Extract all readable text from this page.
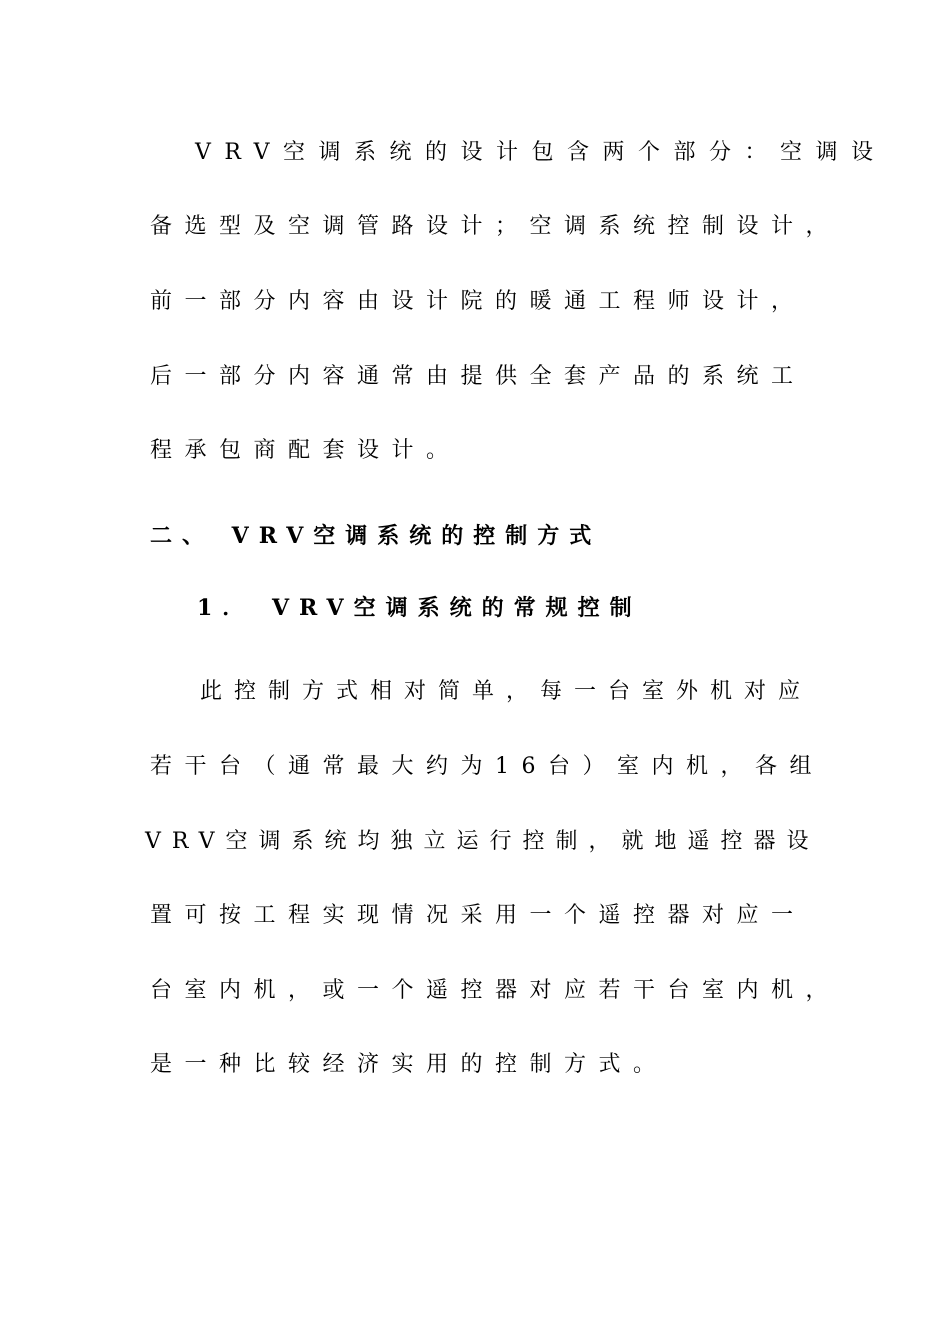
VRV空调系统的设计包含两个部分：空调设
备选型及空调管路设计；空调系统控制设计，
前一部分内容由设计院的暖通工程师设计，
后一部分内容通常由提供全套产品的系统工
程承包商配套设计。
二、 VRV空调系统的控制方式
1． VRV空调系统的常规控制
此控制方式相对简单，每一台室外机对应
若干台（通常最大约为16台）室内机，各组
VRV空调系统均独立运行控制，就地遥控器设
置可按工程实现情况采用一个遥控器对应一
台室内机，或一个遥控器对应若干台室内机，
是一种比较经济实用的控制方式。
